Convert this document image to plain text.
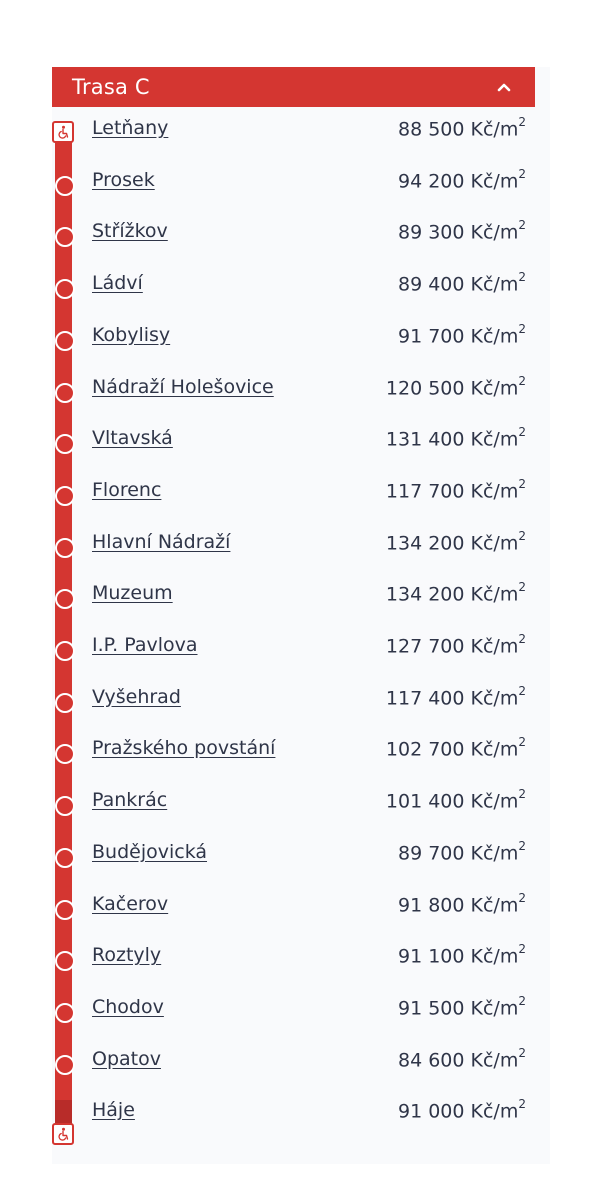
Trasa C
Letňany	88 500 $Kč/m^2$
Prosek	94 200 $Kč/m^2$
Střížkov	89 300 $Kč/m^2$
Ládví	89 400 $Kč/m^2$
Kobylisy	91 700 $Kč/m^2$
Nádraží Holešovice	120 500 $Kč/m^2$
Vltavská	131 400 $Kč/m^2$
Florenc	117 700 $Kč/m^2$
Hlavní Nádraží	134 200 $Kč/m^2$
Muzeum	134 200 $Kč/m^2$
I.P. Pavlova	127 700 $Kč/m^2$
Vyšehrad	117 400 $Kč/m^2$
Pražského povstání	102 700 $Kč/m^2$
Pankrác	101 400 $Kč/m^2$
Budějovická	89 700 $Kč/m^2$
Kačerov	91 800 $Kč/m^2$
Roztyly	91 100 $Kč/m^2$
Chodov	91 500 $Kč/m^2$
Opatov	84 600 $Kč/m^2$
Háje	91 000 $Kč/m^2$
